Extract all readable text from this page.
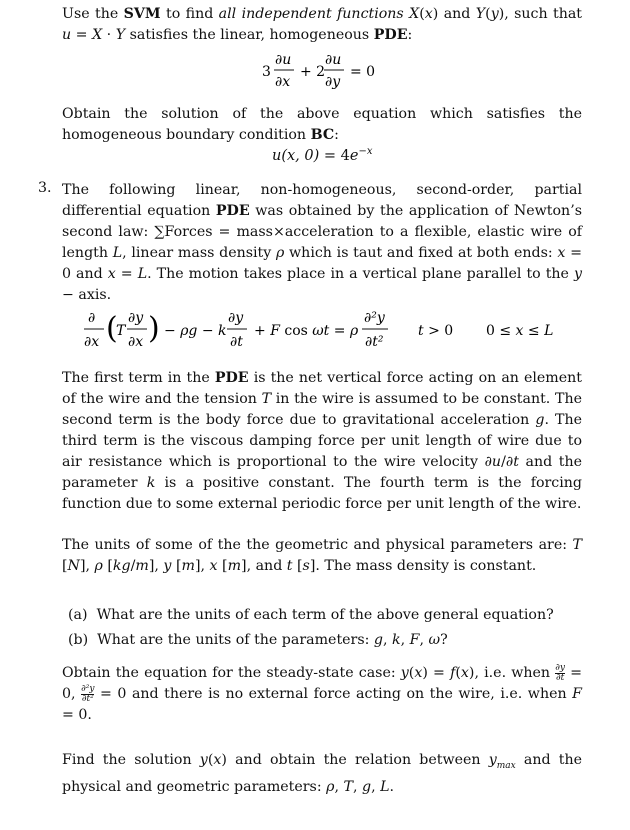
Use the SVM to find all independent functions X(x) and Y(y), such that u = X · Y satisfies the linear, homogeneous PDE:
3
∂u
∂x
+ 2
∂u
∂y
= 0
Obtain the solution of the above equation which satisfies the homogeneous boundary condition BC:
u(x, $0) = 4e^{-x}$
3. The following linear, non-homogeneous, second-order, partial differential equation PDE was obtained by the application of Newton’s second law: ∑Forces = mass×acceleration to a flexible, elastic wire of length L, linear mass density ρ which is taut and fixed at both ends: x = 0 and x = L. The motion takes place in a vertical plane parallel to the y − axis.
∂
∂x (
T
∂y
∂x ) − ρg − k
∂y
∂t
+ F cos ωt = ρ
∂²y
∂t²
t > 0 0 ≤ x ≤ L
The first term in the PDE is the net vertical force acting on an element of the wire and the tension T in the wire is assumed to be constant. The second term is the body force due to gravitational acceleration g. The third term is the viscous damping force per unit length of wire due to air resistance which is proportional to the wire velocity ∂u/∂t and the parameter k is a positive constant. The fourth term is the forcing function due to some external periodic force per unit length of the wire.
The units of some of the the geometric and physical parameters are: T [N], ρ [kg/m], y [m], x [m], and t [s]. The mass density is constant.
(a) What are the units of each term of the above general equation?
(b)  What are the units of the parameters: g, k, F, ω?
Obtain the equation for the steady-state case: y(x) = f(x), i.e. when $\frac{\partial y}{\partial t} = 0$, $\frac{\text{∂²y}}{\text{∂t²}} = 0$ and there is no external force acting on the wire, i.e. when F = 0.
Find the solution y(x) and obtain the relation between $y_{max}$ and the physical and geometric parameters: ρ, T, g, L.
